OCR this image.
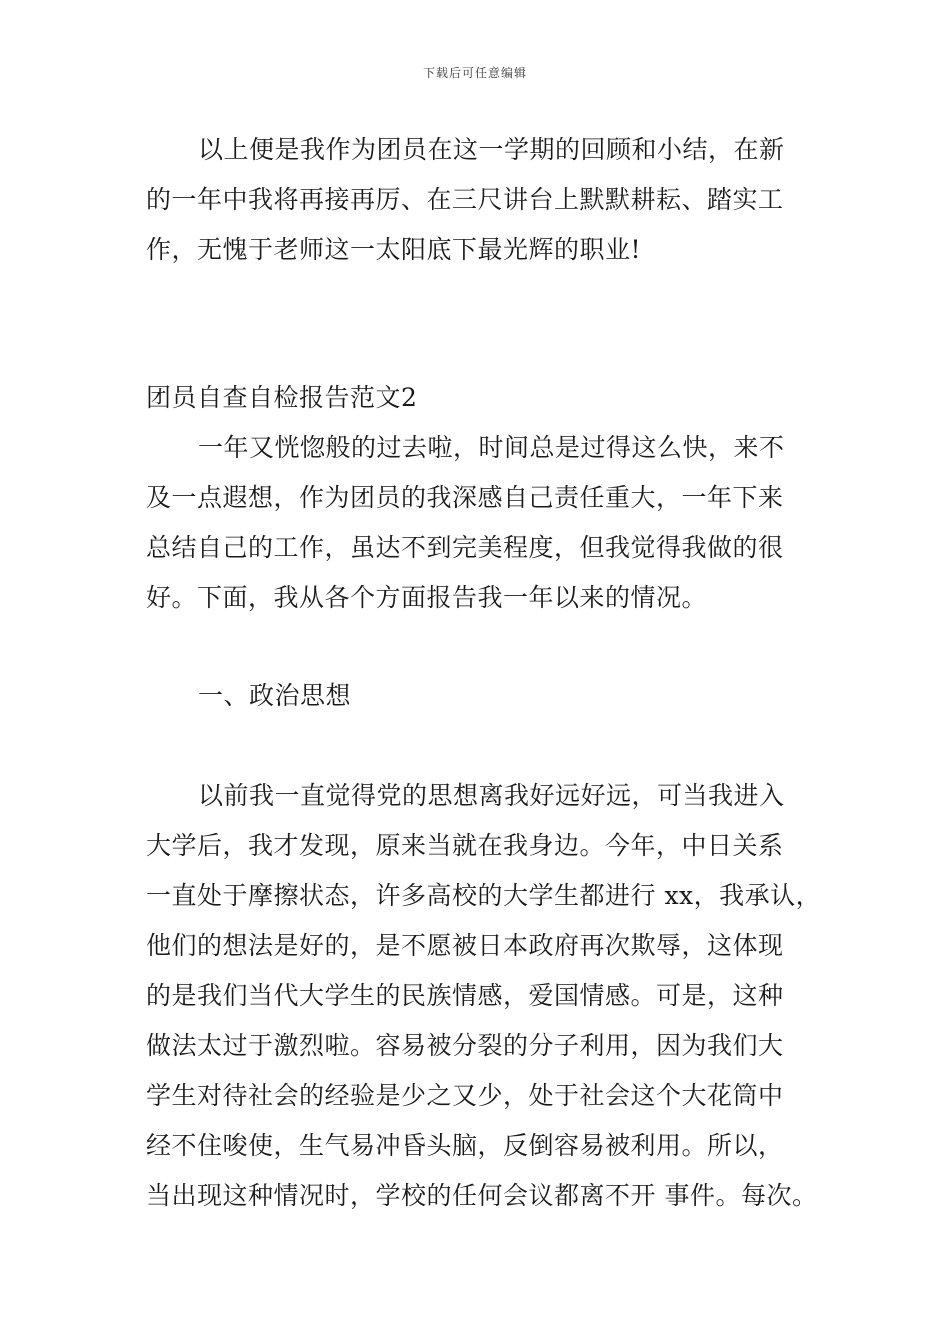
下载后可任意编辑
以上便是我作为团员在这一学期的回顾和小结，在新
的一年中我将再接再厉、在三尺讲台上默默耕耘、踏实工
作，无愧于老师这一太阳底下最光辉的职业!
团员自查自检报告范文2
一年又恍惚般的过去啦，时间总是过得这么快，来不
及一点遐想，作为团员的我深感自己责任重大，一年下来
总结自己的工作，虽达不到完美程度，但我觉得我做的很
好。下面，我从各个方面报告我一年以来的情况。
一、政治思想
以前我一直觉得党的思想离我好远好远，可当我进入
大学后，我才发现，原来当就在我身边。今年，中日关系
一直处于摩擦状态，许多高校的大学生都进行 xx，我承认，
他们的想法是好的，是不愿被日本政府再次欺辱，这体现
的是我们当代大学生的民族情感，爱国情感。可是，这种
做法太过于激烈啦。容易被分裂的分子利用，因为我们大
学生对待社会的经验是少之又少，处于社会这个大花筒中
经不住唆使，生气易冲昏头脑，反倒容易被利用。所以，
当出现这种情况时，学校的任何会议都离不开 事件。每次。
